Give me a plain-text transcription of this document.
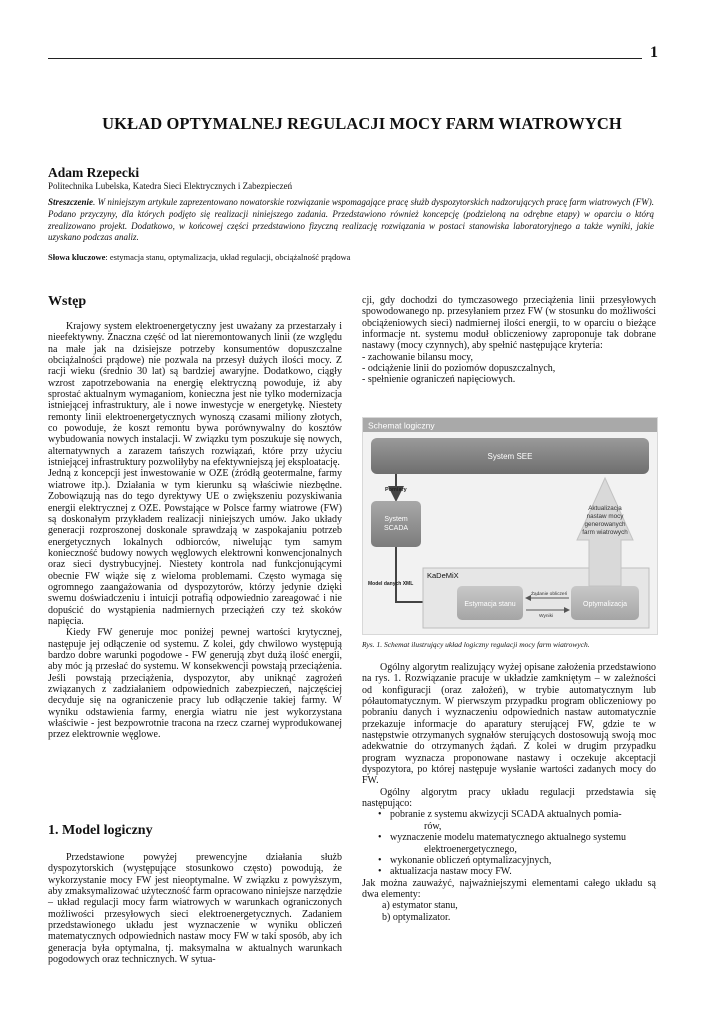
1
UKŁAD OPTYMALNEJ REGULACJI MOCY FARM WIATROWYCH
Adam Rzepecki
Politechnika Lubelska, Katedra Sieci Elektrycznych i Zabezpieczeń
Streszczenie. W niniejszym artykule zaprezentowano nowatorskie rozwiązanie wspomagające pracę służb dyspozytorskich nadzorujących pracę farm wiatrowych (FW). Podano przyczyny, dla których podjęto się realizacji niniejszego zadania. Przedstawiono również koncepcję (podzieloną na odrębne etapy) w oparciu o którą zrealizowano projekt. Dodatkowo, w końcowej części przedstawiono fizyczną realizację rozwiązania w postaci stanowiska laboratoryjnego a także wyniki, jakie uzyskano podczas analiz.
Słowa kluczowe: estymacja stanu, optymalizacja, układ regulacji, obciążalność prądowa
Wstęp

Krajowy system elektroenergetyczny jest uważany za przestarzały i nieefektywny. Znaczna część od lat nieremontowanych linii (ze względu na małe jak na dzisiejsze potrzeby konsumentów dopuszczalne obciążalności prądowe) nie pozwala na przesył dużych ilości mocy. Z racji wieku (średnio 30 lat) są bardziej awaryjne. Dodatkowo, ciągły wzrost zapotrzebowania na energię elektryczną powoduje, iż aby sprostać aktualnym wymaganiom, konieczna jest nie tylko modernizacja istniejącej infrastruktury, ale i nowe inwestycje w energetykę. Niestety remonty linii elektroenergetycznych wynoszą czasami miliony złotych, co powoduje, że koszt remontu bywa porównywalny do kosztów wybudowania nowych instalacji. W związku tym poszukuje się nowych, alternatywnych a zarazem tańszych rozwiązań, które przy użyciu istniejącej infrastruktury pozwoliłyby na efektywniejszą jej eksploatację.

Jedną z koncepcji jest inwestowanie w OZE (źródłą geotermalne, farmy wiatrowe itp.). Działania w tym kierunku są właściwie niezbędne. Zobowiązują nas do tego dyrektywy UE o zwiększeniu pozyskiwania energii elektrycznej z OZE. Powstające w Polsce farmy wiatrowe (FW) są doskonałym przykładem realizacji niniejszych umów. Jako układy generacji rozproszonej doskonale sprawdzają w zaspokajaniu potrzeb energetycznych lokalnych odbiorców, niwelując tym samym konieczność budowy nowych węglowych elektrowni konwencjonalnych oraz sieci dystrybucyjnej. Niestety kontrola nad funkcjonującymi obecnie FW wiąże się z wieloma problemami. Często wymaga się ogromnego zaangażowania od dyspozytorów, którzy jedynie dzięki swemu doświadczeniu i intuicji potrafią odpowiednio zareagować i nie dopuścić do wystąpienia nadmiernych przeciążeń czy też skoków napięcia.

Kiedy FW generuje moc poniżej pewnej wartości krytycznej, następuje jej odłączenie od systemu. Z kolei, gdy chwilowo występują bardzo dobre warunki pogodowe - FW generują zbyt dużą ilość energii, aby móc ją przesłać do systemu. W konsekwencji powstają przeciążenia. Jeśli powstają przeciążenia, dyspozytor, aby uniknąć zagrożeń związanych z zadziałaniem odpowiednich zabezpieczeń, najczęściej decyduje się na ograniczenie pracy lub odłączenie takiej farmy. W wyniku odstawienia farmy, energia wiatru nie jest wykorzystana właściwie - jest bezpowrotnie tracona na rzecz czarnej wyprodukowanej przez elektrownie węglowe.

1. Model logiczny

Przedstawione powyżej prewencyjne działania służb dyspozytorskich (występujące stosunkowo często) powodują, że wykorzystanie mocy FW jest nieoptymalne. W związku z powyższym, aby zmaksymalizować użyteczność farm opracowano niniejsze narzędzie – układ regulacji mocy farm wiatrowych w warunkach ograniczonych możliwości przesyłowych sieci elektroenergetycznych. Zadaniem przedstawionego układu jest wyznaczenie w wyniku obliczeń matematycznych odpowiednich nastaw mocy FW w taki sposób, aby ich generacja była optymalna, tj. maksymalna w aktualnych warunkach pogodowych oraz technicznych. W sytua-

cji, gdy dochodzi do tymczasowego przeciążenia linii przesyłowych spowodowanego np. przesyłaniem przez FW (w stosunku do możliwości obciążeniowych sieci) nadmiernej ilości energii, to w oparciu o bieżące informacje nt. systemu moduł obliczeniowy zaproponuje tak dobrane nastawy (mocy czynnych), aby spełnić następujące kryteria:

- zachowanie bilansu mocy,

- odciążenie linii do poziomów dopuszczalnych,

- spełnienie ograniczeń napięciowych.

Schemat logiczny
System SEE
Pomiary
System
SCADA
Model danych XML
KaDeMiX
Estymacja stanu	Optymalizacja
Żądanie obliczeń
Wyniki
Aktualizacja
nastaw mocy
generowanych
farm wiatrowych
Rys. 1. Schemat ilustrujący układ logiczny regulacji mocy farm wiatrowych.

Ogólny algorytm realizujący wyżej opisane założenia przedstawiono na rys. 1. Rozwiązanie pracuje w układzie zamkniętym – w zależności od konfiguracji (oraz założeń), w trybie automatycznym lub półautomatycznym. W pierwszym przypadku program obliczeniowy po pobraniu danych i wyznaczeniu odpowiednich nastaw automatycznie przekazuje informacje do aparatury sterującej FW, gdzie te w następstwie otrzymanych sygnałów sterujących dostosowują swoją moc adekwatnie do otrzymanych żądań. Z kolei w drugim przypadku program wyznacza proponowane nastawy i oczekuje akceptacji dyspozytora, po której następuje wysłanie wartości zadanych mocy do FW.

Ogólny algorytm pracy układu regulacji przedstawia się następująco:

• pobranie z systemu akwizycji SCADA aktualnych pomia-
rów,

• wyznaczenie modelu matematycznego aktualnego systemu
elektroenergetycznego,

• wykonanie obliczeń optymalizacyjnych,

• aktualizacja nastaw mocy FW.

Jak można zauważyć, najważniejszymi elementami całego układu są dwa elementy:

a) estymator stanu,

b) optymalizator.
